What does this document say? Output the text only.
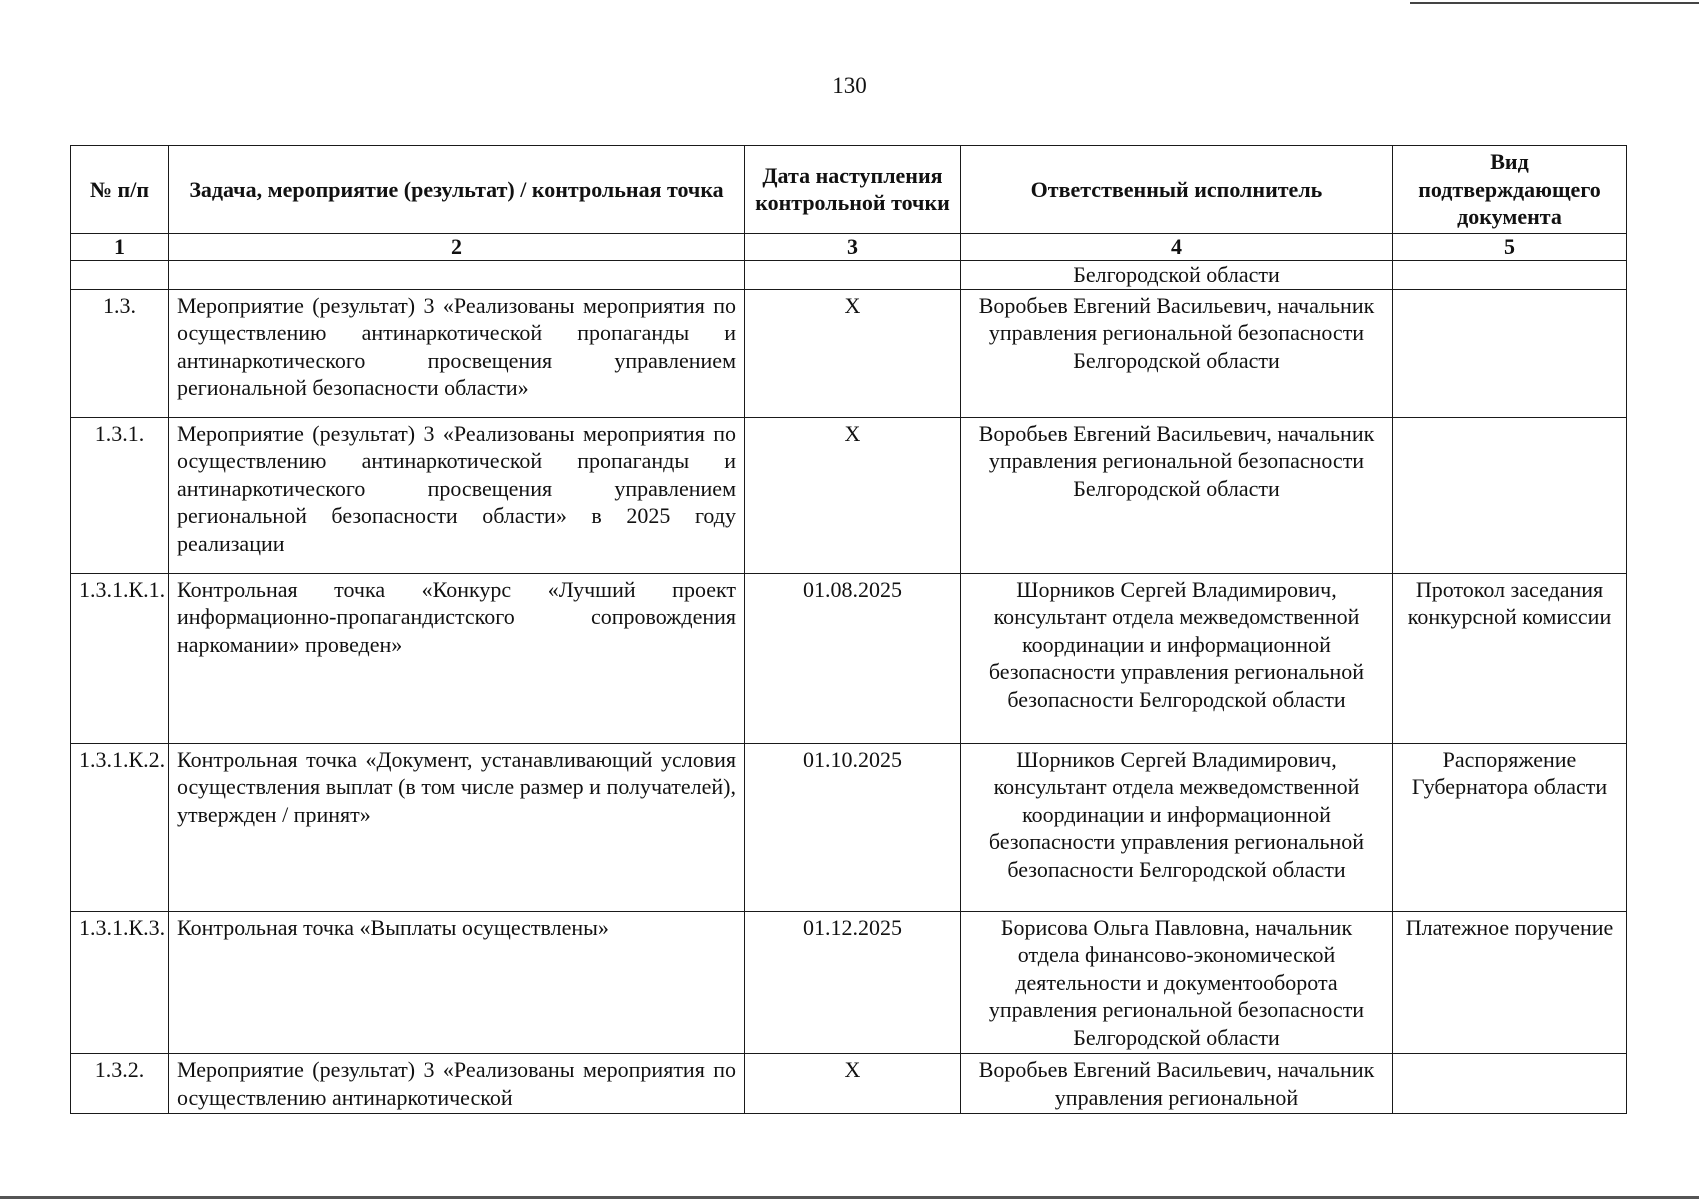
130
№ п/п	Задача, мероприятие (результат) / контрольная точка	Дата наступления контрольной точки	Ответственный исполнитель	Вид подтверждающего документа
1	2	3	4	5
			Белгородской области	
1.3.	Мероприятие (результат) 3 «Реализованы мероприятия по осуществлению антинаркотической пропаганды и антинаркотического просвещения управлением региональной безопасности области»	X	Воробьев Евгений Васильевич, начальник управления региональной безопасности Белгородской области	
1.3.1.	Мероприятие (результат) 3 «Реализованы мероприятия по осуществлению антинаркотической пропаганды и антинаркотического просвещения управлением региональной безопасности области» в 2025 году реализации	X	Воробьев Евгений Васильевич, начальник управления региональной безопасности Белгородской области	
1.3.1.К.1.	Контрольная точка «Конкурс «Лучший проект информационно-пропагандистского сопровождения наркомании» проведен»	01.08.2025	Шорников Сергей Владимирович, консультант отдела межведомственной координации и информационной безопасности управления региональной безопасности Белгородской области	Протокол заседания конкурсной комиссии
1.3.1.К.2.	Контрольная точка «Документ, устанавливающий условия осуществления выплат (в том числе размер и получателей), утвержден / принят»	01.10.2025	Шорников Сергей Владимирович, консультант отдела межведомственной координации и информационной безопасности управления региональной безопасности Белгородской области	Распоряжение Губернатора области
1.3.1.К.3.	Контрольная точка «Выплаты осуществлены»	01.12.2025	Борисова Ольга Павловна, начальник отдела финансово-экономической деятельности и документооборота управления региональной безопасности Белгородской области	Платежное поручение
1.3.2.	Мероприятие (результат) 3 «Реализованы мероприятия по осуществлению антинаркотической	X	Воробьев Евгений Васильевич, начальник управления региональной	
